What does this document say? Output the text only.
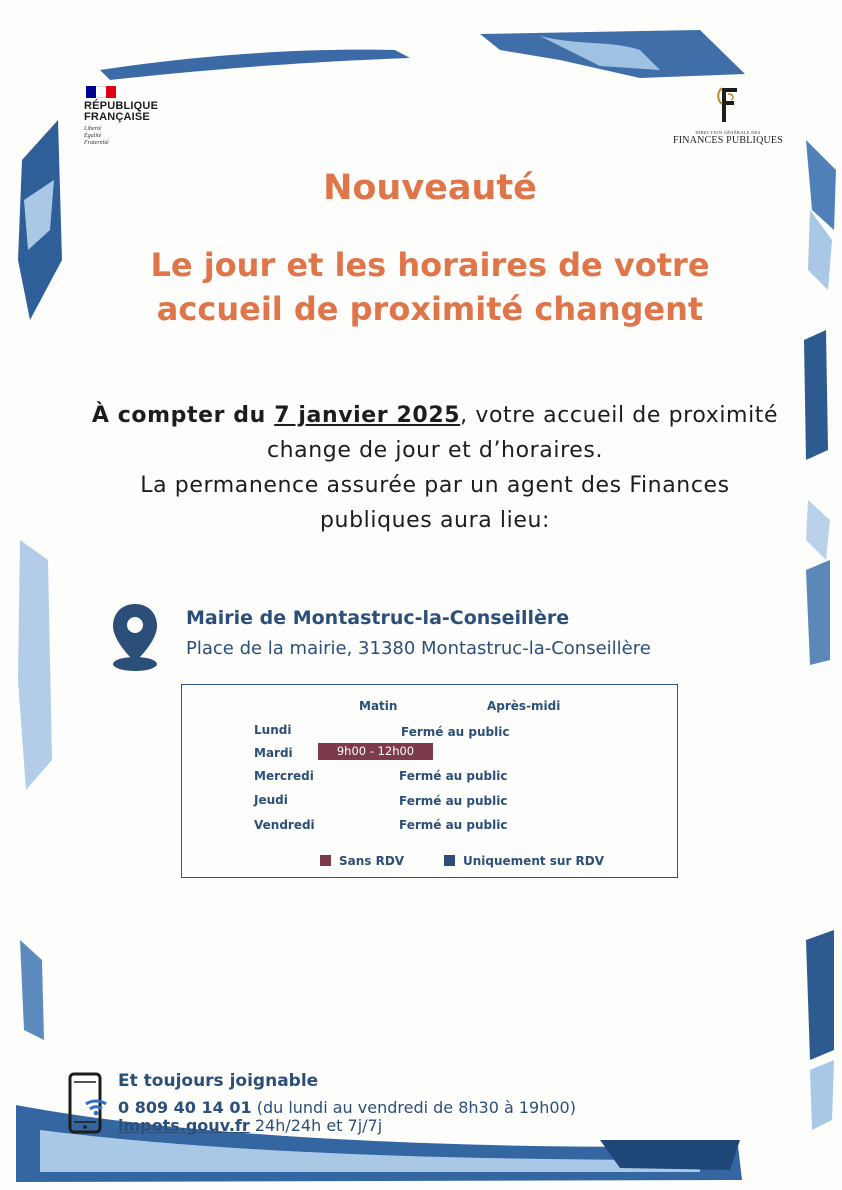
RÉPUBLIQUE
FRANÇAISE
Liberté
Égalité
Fraternité
DIRECTION GÉNÉRALE DES
FINANCES PUBLIQUES
Nouveauté
Le jour et les horaires de votre
accueil de proximité changent
À compter du 7 janvier 2025, votre accueil de proximité
change de jour et d’horaires.
La permanence assurée par un agent des Finances
publiques aura lieu:
Mairie de Montastruc-la-Conseillère
Place de la mairie, 31380 Montastruc-la-Conseillère
Matin	Après-midi
Lundi	Fermé au public
Mardi	9h00 - 12h00
Mercredi	Fermé au public
Jeudi	Fermé au public
Vendredi	Fermé au public
Sans RDV	Uniquement sur RDV
Et toujours joignable
0 809 40 14 01 (du lundi au vendredi de 8h30 à 19h00)
impots.gouv.fr 24h/24h et 7j/7j
